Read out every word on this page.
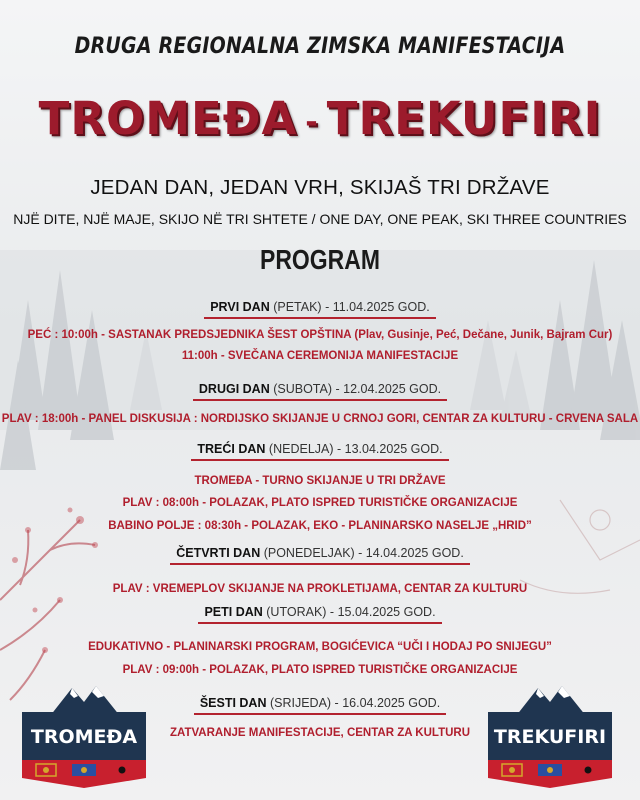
DRUGA REGIONALNA ZIMSKA MANIFESTACIJA
TROMEĐA - TREKUFIRI
JEDAN DAN, JEDAN VRH, SKIJAŠ TRI DRŽAVE
NJË DITE, NJË MAJE, SKIJO NË TRI SHTETE / ONE DAY, ONE PEAK, SKI THREE COUNTRIES
PROGRAM
PRVI DAN (PETAK) - 11.04.2025 GOD.
PEĆ : 10:00h - SASTANAK PREDSJEDNIKA ŠEST OPŠTINA (Plav, Gusinje, Peć, Dečane, Junik, Bajram Cur)
11:00h - SVEČANA CEREMONIJA MANIFESTACIJE
DRUGI DAN (SUBOTA) - 12.04.2025 GOD.
PLAV : 18:00h - PANEL DISKUSIJA : NORDIJSKO SKIJANJE U CRNOJ GORI, CENTAR ZA KULTURU - CRVENA SALA
TREĆI DAN (NEDELJA) - 13.04.2025 GOD.
TROMEĐA - TURNO SKIJANJE U TRI DRŽAVE
PLAV : 08:00h - POLAZAK, PLATO ISPRED TURISTIČKE ORGANIZACIJE
BABINO POLJE : 08:30h - POLAZAK, EKO - PLANINARSKO NASELJE „HRID”
ČETVRTI DAN (PONEDELJAK) - 14.04.2025 GOD.
PLAV : VREMEPLOV SKIJANJE NA PROKLETIJAMA, CENTAR ZA KULTURU
PETI DAN (UTORAK) - 15.04.2025 GOD.
EDUKATIVNO - PLANINARSKI PROGRAM, BOGIĆEVICA “UČI I HODAJ PO SNIJEGU”
PLAV : 09:00h - POLAZAK, PLATO ISPRED TURISTIČKE ORGANIZACIJE
ŠESTI DAN (SRIJEDA) - 16.04.2025 GOD.
ZATVARANJE MANIFESTACIJE, CENTAR ZA KULTURU
TROMEĐA	TREKUFIRI
